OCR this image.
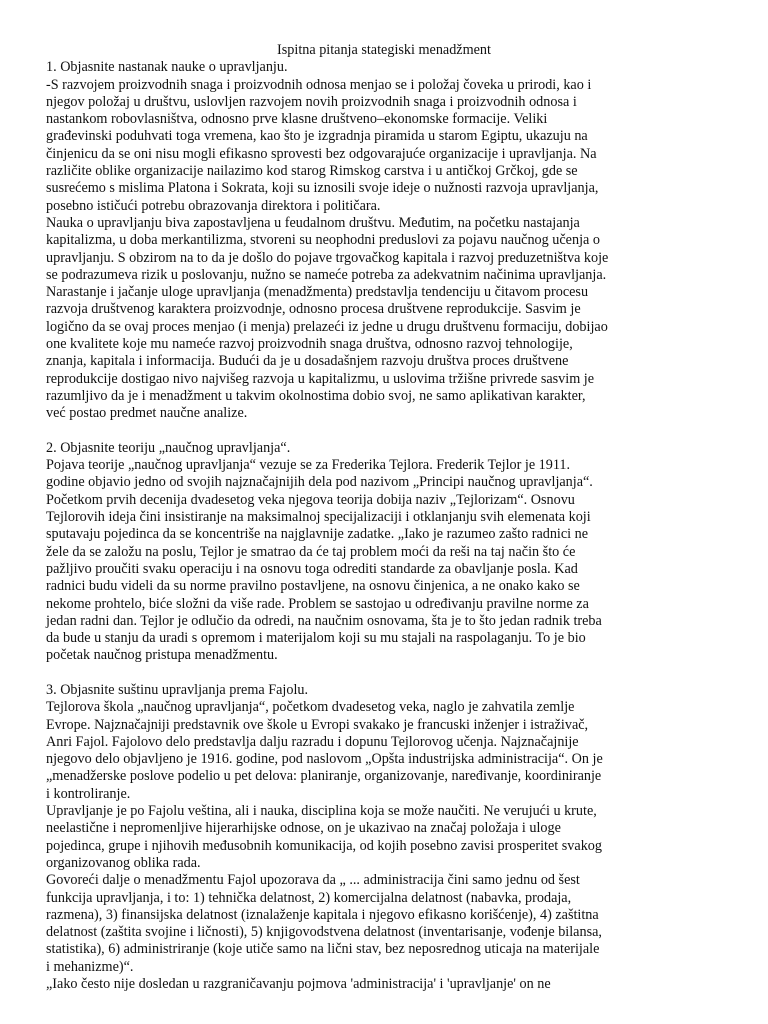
Ispitna pitanja stategiski menadžment

1. Objasnite nastanak nauke o upravljanju.
-S razvojem proizvodnih snaga i proizvodnih odnosa menjao se i položaj čoveka u prirodi, kao i
njegov položaj u društvu, uslovljen razvojem novih proizvodnih snaga i proizvodnih odnosa i
nastankom robovlasništva, odnosno prve klasne društveno–ekonomske formacije. Veliki
građevinski poduhvati toga vremena, kao što je izgradnja piramida u starom Egiptu, ukazuju na
činjenicu da se oni nisu mogli efikasno sprovesti bez odgovarajuće organizacije i upravljanja. Na
različite oblike organizacije nailazimo kod starog Rimskog carstva i u antičkoj Grčkoj, gde se
susrećemo s mislima Platona i Sokrata, koji su iznosili svoje ideje o nužnosti razvoja upravljanja,
posebno ističući potrebu obrazovanja direktora i političara.
Nauka o upravljanju biva zapostavljena u feudalnom društvu. Međutim, na početku nastajanja
kapitalizma, u doba merkantilizma, stvoreni su neophodni preduslovi za pojavu naučnog učenja o
upravljanju. S obzirom na to da je došlo do pojave trgovačkog kapitala i razvoj preduzetništva koje
se podrazumeva rizik u poslovanju, nužno se nameće potreba za adekvatnim načinima upravljanja.
Narastanje i jačanje uloge upravljanja (menadžmenta) predstavlja tendenciju u čitavom procesu
razvoja društvenog karaktera proizvodnje, odnosno procesa društvene reprodukcije. Sasvim je
logično da se ovaj proces menjao (i menja) prelazeći iz jedne u drugu društvenu formaciju, dobijao
one kvalitete koje mu nameće razvoj proizvodnih snaga društva, odnosno razvoj tehnologije,
znanja, kapitala i informacija. Budući da je u dosadašnjem razvoju društva proces društvene
reprodukcije dostigao nivo najvišeg razvoja u kapitalizmu, u uslovima tržišne privrede sasvim je
razumljivo da je i menadžment u takvim okolnostima dobio svoj, ne samo aplikativan karakter,
već postao predmet naučne analize.
2. Objasnite teoriju „naučnog upravljanja“.
Pojava teorije „naučnog upravljanja“ vezuje se za Frederika Tejlora. Frederik Tejlor je 1911.
godine objavio jedno od svojih najznačajnijih dela pod nazivom „Principi naučnog upravljanja“.
Početkom prvih decenija dvadesetog veka njegova teorija dobija naziv „Tejlorizam“. Osnovu
Tejlorovih ideja čini insistiranje na maksimalnoj specijalizaciji i otklanjanju svih elemenata koji
sputavaju pojedinca da se koncentriše na najglavnije zadatke. „Iako je razumeo zašto radnici ne
žele da se založu na poslu, Tejlor je smatrao da će taj problem moći da reši na taj način što će
pažljivo proučiti svaku operaciju i na osnovu toga odrediti standarde za obavljanje posla. Kad
radnici budu videli da su norme pravilno postavljene, na osnovu činjenica, a ne onako kako se
nekome prohtelo, biće složni da više rade. Problem se sastojao u određivanju pravilne norme za
jedan radni dan. Tejlor je odlučio da odredi, na naučnim osnovama, šta je to što jedan radnik treba
da bude u stanju da uradi s opremom i materijalom koji su mu stajali na raspolaganju. To je bio
početak naučnog pristupa menadžmentu.
3. Objasnite suštinu upravljanja prema Fajolu.
Tejlorova škola „naučnog upravljanja“, početkom dvadesetog veka, naglo je zahvatila zemlje
Evrope. Najznačajniji predstavnik ove škole u Evropi svakako je francuski inženjer i istraživač,
Anri Fajol. Fajolovo delo predstavlja dalju razradu i dopunu Tejlorovog učenja. Najznačajnije
njegovo delo objavljeno je 1916. godine, pod naslovom „Opšta industrijska administracija“. On je
„menadžerske poslove podelio u pet delova: planiranje, organizovanje, naređivanje, koordiniranje
i kontroliranje.
Upravljanje je po Fajolu veština, ali i nauka, disciplina koja se može naučiti. Ne verujući u krute,
neelastične i nepromenljive hijerarhijske odnose, on je ukazivao na značaj položaja i uloge
pojedinca, grupe i njihovih međusobnih komunikacija, od kojih posebno zavisi prosperitet svakog
organizovanog oblika rada.
Govoreći dalje o menadžmentu Fajol upozorava da „ ... administracija čini samo jednu od šest
funkcija upravljanja, i to: 1) tehnička delatnost, 2) komercijalna delatnost (nabavka, prodaja,
razmena), 3) finansijska delatnost (iznalaženje kapitala i njegovo efikasno korišćenje), 4) zaštitna
delatnost (zaštita svojine i ličnosti), 5) knjigovodstvena delatnost (inventarisanje, vođenje bilansa,
statistika), 6) administriranje (koje utiče samo na lični stav, bez neposrednog uticaja na materijale
i mehanizme)“.
„Iako često nije dosledan u razgraničavanju pojmova 'administracija' i 'upravljanje' on ne
